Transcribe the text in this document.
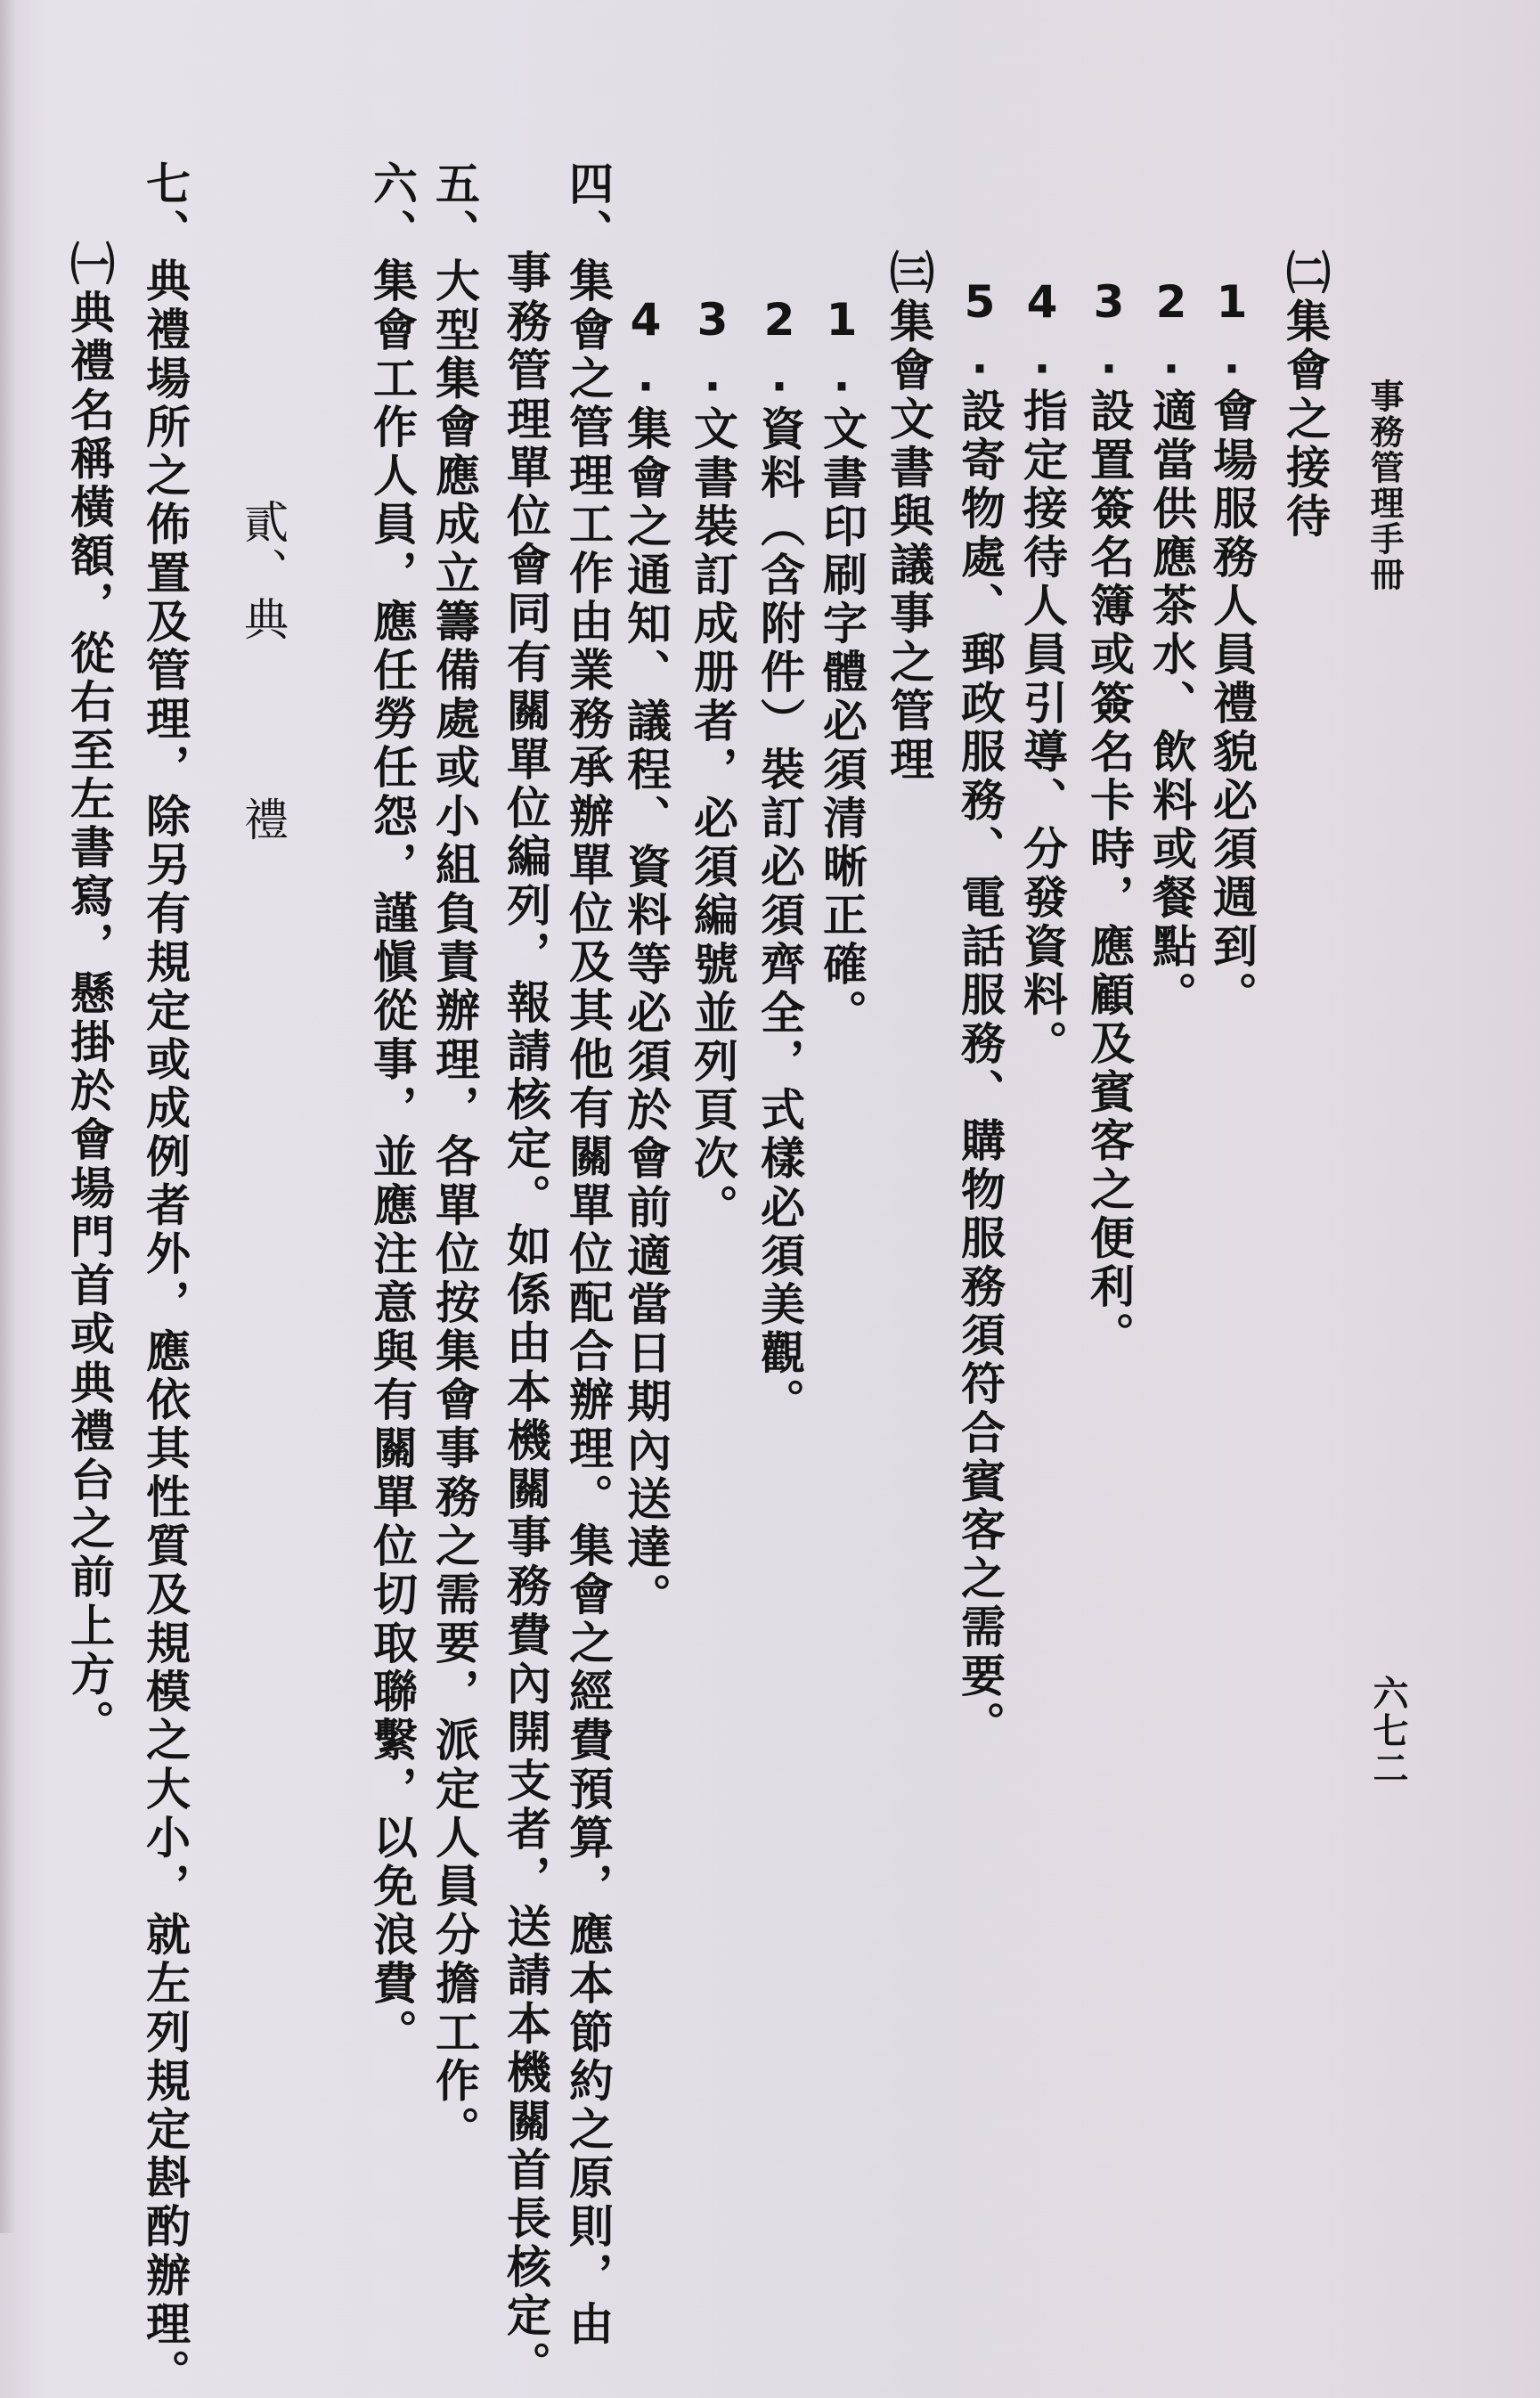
事務管理手冊
六七二
㈡集會之接待
1.會場服務人員禮貌必須週到。
2.適當供應茶水、飲料或餐點。
3.設置簽名簿或簽名卡時，應顧及賓客之便利。
4.指定接待人員引導、分發資料。
5.設寄物處、郵政服務、電話服務、購物服務須符合賓客之需要。
㈢集會文書與議事之管理
1.文書印刷字體必須清晰正確。
2.資料（含附件）裝訂必須齊全，式樣必須美觀。
3.文書裝訂成册者，必須編號並列頁次。
4.集會之通知、議程、資料等必須於會前適當日期內送達。
四、集會之管理工作由業務承辦單位及其他有關單位配合辦理。集會之經費預算，應本節約之原則，由
事務管理單位會同有關單位編列，報請核定。如係由本機關事務費內開支者，送請本機關首長核定。
五、大型集會應成立籌備處或小組負責辦理，各單位按集會事務之需要，派定人員分擔工作。
六、集會工作人員，應任勞任怨，謹愼從事，並應注意與有關單位切取聯繫，以免浪費。
貳、典禮
七、典禮場所之佈置及管理，除另有規定或成例者外，應依其性質及規模之大小，就左列規定斟酌辦理。
㈠典禮名稱橫額，從右至左書寫，懸掛於會場門首或典禮台之前上方。
